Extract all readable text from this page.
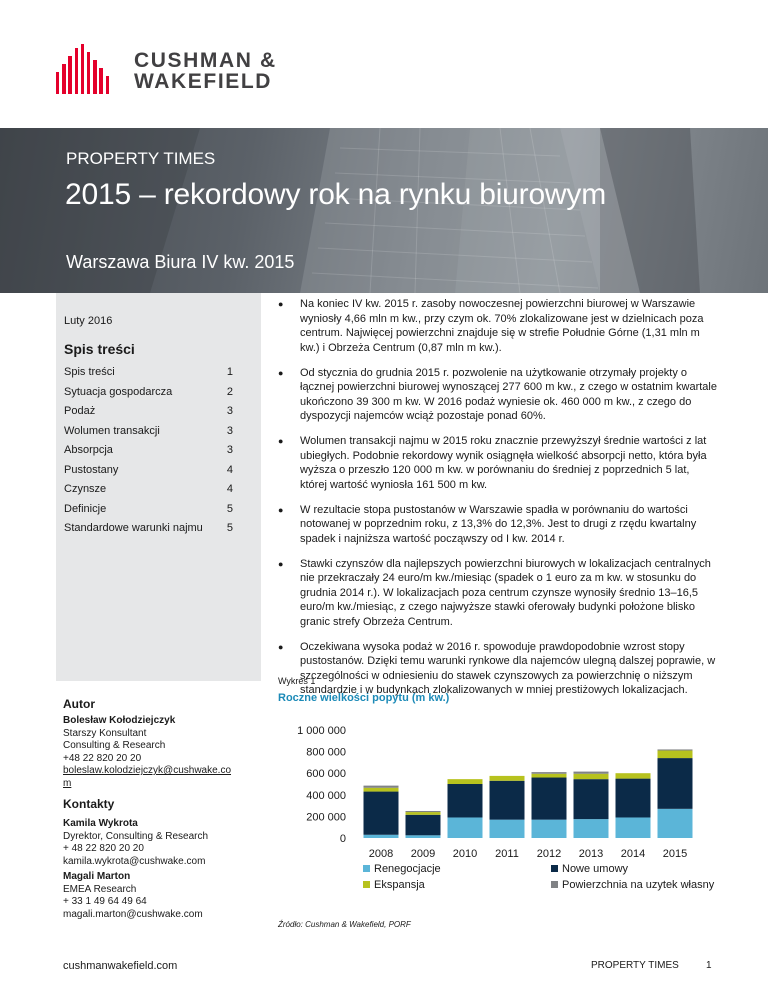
CUSHMAN &
WAKEFIELD
PROPERTY TIMES
2015 – rekordowy rok na rynku biurowym
Warszawa Biura IV kw. 2015
Luty 2016
Spis treści
Spis treści	1
Sytuacja gospodarcza	2
Podaż	3
Wolumen transakcji	3
Absorpcja	3
Pustostany	4
Czynsze	4
Definicje	5
Standardowe warunki najmu 5
● Na koniec IV kw. 2015 r. zasoby nowoczesnej powierzchni biurowej w Warszawie wyniosły 4,66 mln m kw., przy czym ok. 70% zlokalizowane jest w dzielnicach poza centrum. Najwięcej powierzchni znajduje się w strefie Południe Górne (1,31 mln m kw.) i Obrzeża Centrum (0,87 mln m kw.).
● Od stycznia do grudnia 2015 r. pozwolenie na użytkowanie otrzymały projekty o łącznej powierzchni biurowej wynoszącej 277 600 m kw., z czego w ostatnim kwartale ukończono 39 300 m kw. W 2016 podaż wyniesie ok. 460 000 m kw., z czego do dyspozycji najemców wciąż pozostaje ponad 60%.
● Wolumen transakcji najmu w 2015 roku znacznie przewyższył średnie wartości z lat ubiegłych. Podobnie rekordowy wynik osiągnęła wielkość absorpcji netto, która była wyższa o przeszło 120 000 m kw. w porównaniu do średniej z poprzednich 5 lat, której wartość wyniosła 161 500 m kw.
● W rezultacie stopa pustostanów w Warszawie spadła w porównaniu do wartości notowanej w poprzednim roku, z 13,3% do 12,3%. Jest to drugi z rzędu kwartalny spadek i najniższa wartość począwszy od I kw. 2014 r.
● Stawki czynszów dla najlepszych powierzchni biurowych w lokalizacjach centralnych nie przekraczały 24 euro/m kw./miesiąc (spadek o 1 euro za m kw. w stosunku do grudnia 2014 r.). W lokalizacjach poza centrum czynsze wynosiły średnio 13–16,5 euro/m kw./miesiąc, z czego najwyższe stawki oferowały budynki położone blisko granic strefy Obrzeża Centrum.
● Oczekiwana wysoka podaż w 2016 r. spowoduje prawdopodobnie wzrost stopy pustostanów. Dzięki temu warunki rynkowe dla najemców ulegną dalszej poprawie, w szczególności w odniesieniu do stawek czynszowych za powierzchnię o niższym standardzie i w budynkach zlokalizowanych w mniej prestiżowych lokalizacjach.
Autor
Bolesław Kołodziejczyk
Starszy Konsultant
Consulting & Research
+48 22 820 20 20
boleslaw.kolodziejczyk@cushwake.co
m
Kontakty
Kamila Wykrota
Dyrektor, Consulting & Research
+ 48 22 820 20 20
kamila.wykrota@cushwake.com
Magali Marton
EMEA Research
+ 33 1 49 64 49 64
magali.marton@cushwake.com
Wykres 1
Roczne wielkości popytu (m kw.)
0
200 000
400 000
600 000
800 000
1 000 000
2008 2009 2010 2011 2012 2013 2014 2015
Renegocjacje
Ekspansja
Nowe umowy
Powierzchnia na uzytek własny
Źródło: Cushman & Wakefield, PORF
cushmanwakefield.com	PROPERTY TIMES	1
